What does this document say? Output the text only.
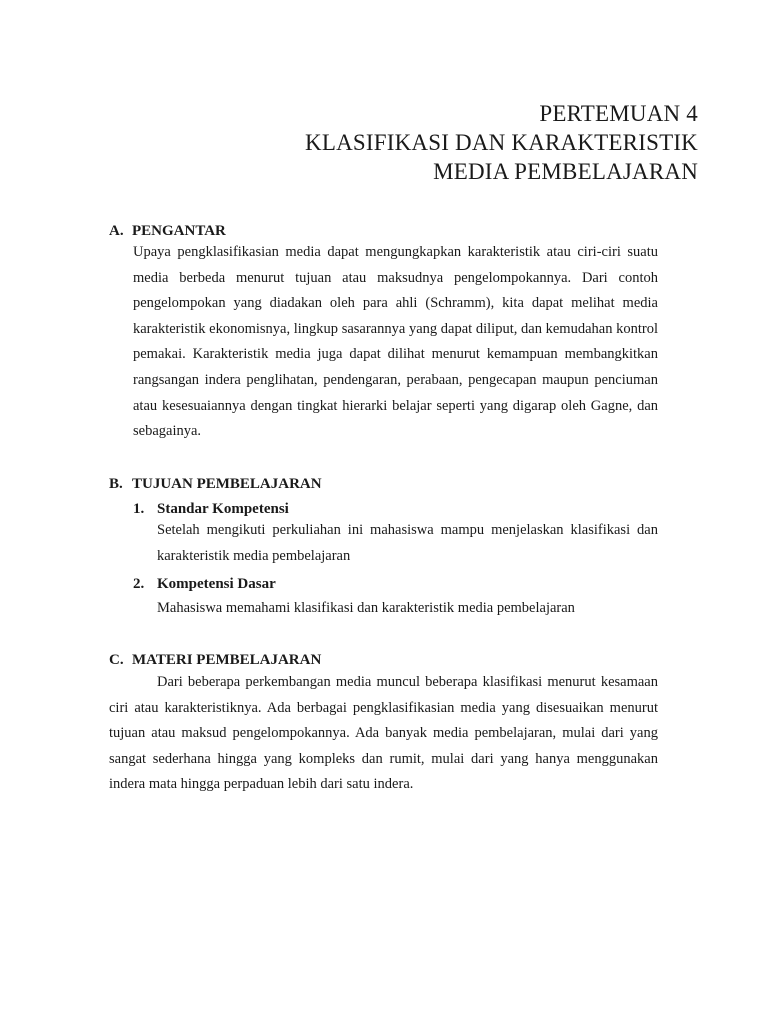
PERTEMUAN 4
KLASIFIKASI DAN KARAKTERISTIK
MEDIA PEMBELAJARAN
A. PENGANTAR
Upaya pengklasifikasian media dapat mengungkapkan karakteristik atau ciri-ciri suatu media berbeda menurut tujuan atau maksudnya pengelompokannya. Dari contoh pengelompokan yang diadakan oleh para ahli (Schramm), kita dapat melihat media karakteristik ekonomisnya, lingkup sasarannya yang dapat diliput, dan kemudahan kontrol pemakai. Karakteristik media juga dapat dilihat menurut kemampuan membangkitkan rangsangan indera penglihatan, pendengaran, perabaan, pengecapan maupun penciuman atau kesesuaiannya dengan tingkat hierarki belajar seperti yang digarap oleh Gagne, dan sebagainya.
B. TUJUAN PEMBELAJARAN
1. Standar Kompetensi
Setelah mengikuti perkuliahan ini mahasiswa mampu menjelaskan klasifikasi dan karakteristik media pembelajaran
2. Kompetensi Dasar
Mahasiswa memahami klasifikasi dan karakteristik media pembelajaran
C. MATERI PEMBELAJARAN
Dari beberapa perkembangan media muncul beberapa klasifikasi menurut kesamaan ciri atau karakteristiknya. Ada berbagai pengklasifikasian media yang disesuaikan menurut tujuan atau maksud pengelompokannya. Ada banyak media pembelajaran, mulai dari yang sangat sederhana hingga yang kompleks dan rumit, mulai dari yang hanya menggunakan indera mata hingga perpaduan lebih dari satu indera.
